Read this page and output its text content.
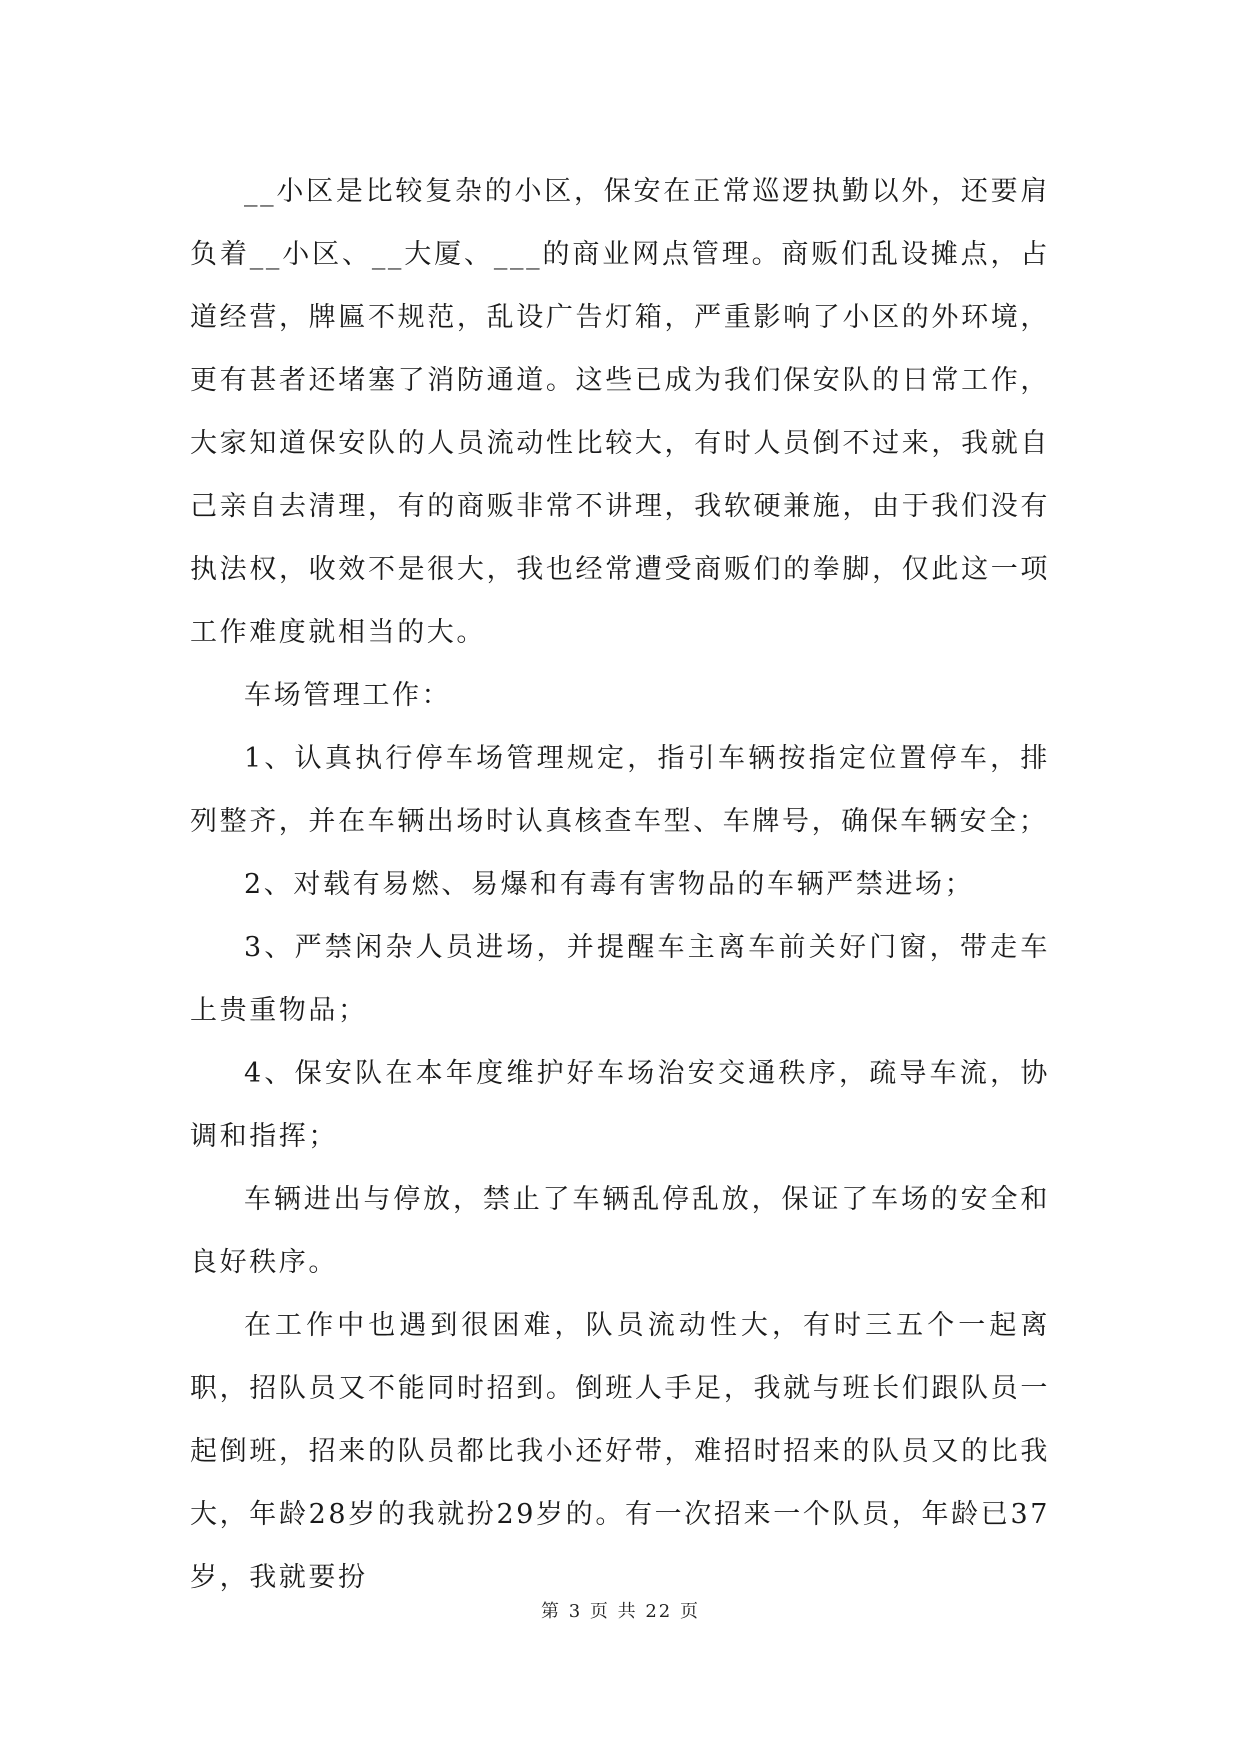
__小区是比较复杂的小区，保安在正常巡逻执勤以外，还要肩负着__小区、__大厦、___的商业网点管理。商贩们乱设摊点，占道经营，牌匾不规范，乱设广告灯箱，严重影响了小区的外环境，更有甚者还堵塞了消防通道。这些已成为我们保安队的日常工作，大家知道保安队的人员流动性比较大，有时人员倒不过来，我就自己亲自去清理，有的商贩非常不讲理，我软硬兼施，由于我们没有执法权，收效不是很大，我也经常遭受商贩们的拳脚，仅此这一项工作难度就相当的大。

车场管理工作：

1、认真执行停车场管理规定，指引车辆按指定位置停车，排列整齐，并在车辆出场时认真核查车型、车牌号，确保车辆安全；

2、对载有易燃、易爆和有毒有害物品的车辆严禁进场；

3、严禁闲杂人员进场，并提醒车主离车前关好门窗，带走车上贵重物品；

4、保安队在本年度维护好车场治安交通秩序，疏导车流，协调和指挥；

车辆进出与停放，禁止了车辆乱停乱放，保证了车场的安全和良好秩序。

在工作中也遇到很困难，队员流动性大，有时三五个一起离职，招队员又不能同时招到。倒班人手足，我就与班长们跟队员一起倒班，招来的队员都比我小还好带，难招时招来的队员又的比我大，年龄28岁的我就扮29岁的。有一次招来一个队员，年龄已37岁，我就要扮

第 3 页 共 22 页
